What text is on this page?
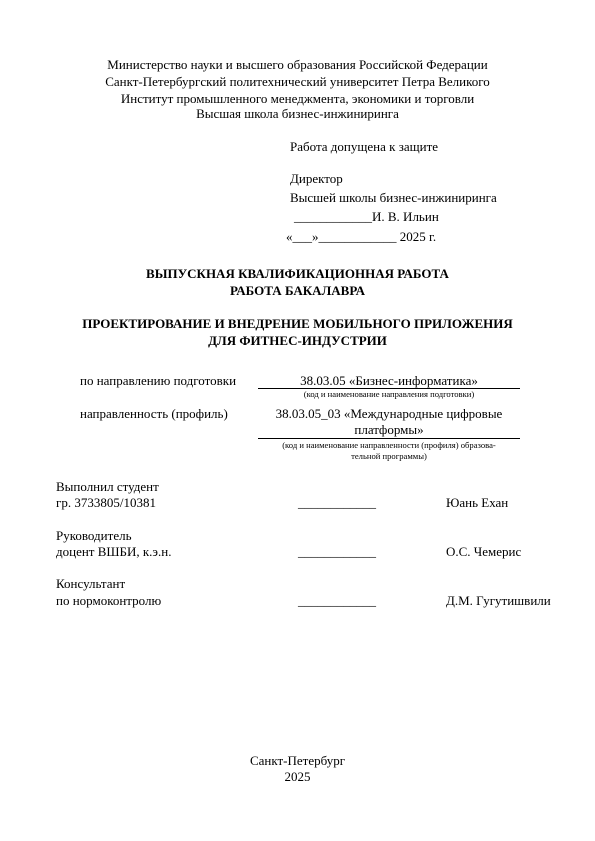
Министерство науки и высшего образования Российской Федерации
Санкт-Петербургский политехнический университет Петра Великого
Институт промышленного менеджмента, экономики и торговли
Высшая школа бизнес-инжиниринга
Работа допущена к защите
Директор
Высшей школы бизнес-инжиниринга
____________И. В. Ильин
«___»____________ 2025 г.
ВЫПУСКНАЯ КВАЛИФИКАЦИОННАЯ РАБОТА
РАБОТА БАКАЛАВРА
ПРОЕКТИРОВАНИЕ И ВНЕДРЕНИЕ МОБИЛЬНОГО ПРИЛОЖЕНИЯ
ДЛЯ ФИТНЕС-ИНДУСТРИИ
по направлению подготовки	38.03.05 «Бизнес-информатика»
(код и наименование направления подготовки)
направленность (профиль)	38.03.05_03 «Международные цифровые
платформы»
(код и наименование направленности (профиля) образова-
тельной программы)
Выполнил студент
гр. 3733805/10381	____________	Юань Ехан
Руководитель
доцент ВШБИ, к.э.н.	____________	О.С. Чемерис
Консультант
по нормоконтролю	____________	Д.М. Гугутишвили
Санкт-Петербург
2025
